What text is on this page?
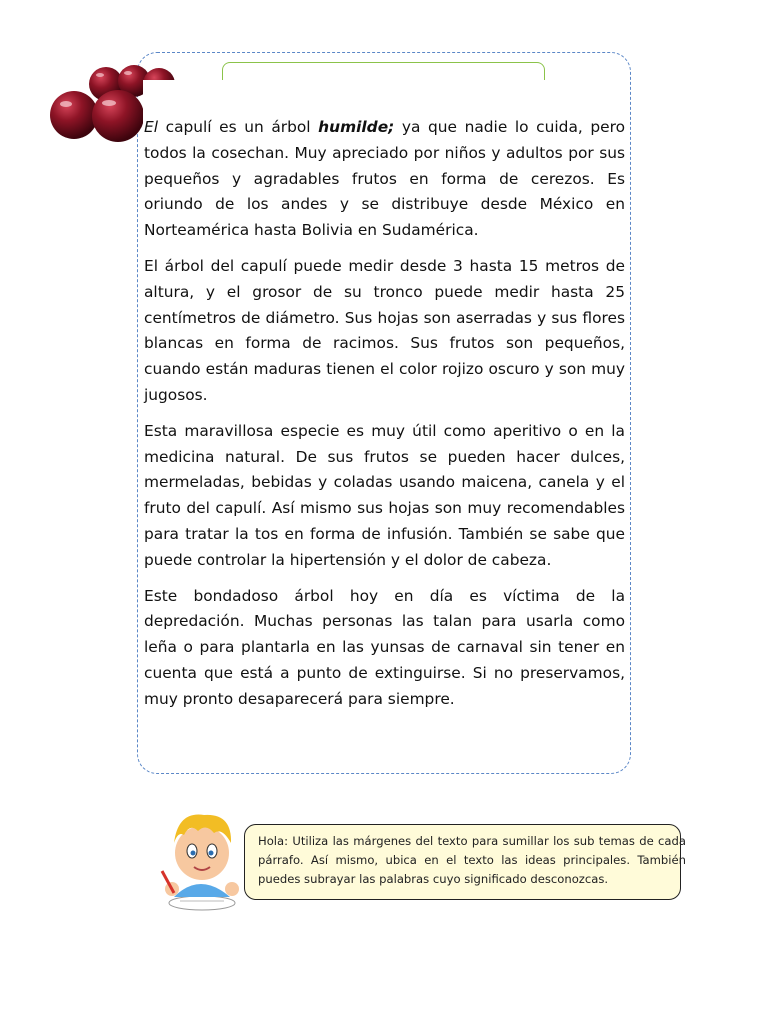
El capulí es un árbol humilde; ya que nadie lo cuida, pero todos la cosechan. Muy apreciado por niños y adultos por sus pequeños y agradables frutos en forma de cerezos. Es oriundo de los andes y se distribuye desde México en Norteamérica hasta Bolivia en Sudamérica.

El árbol del capulí puede medir desde 3 hasta 15 metros de altura, y el grosor de su tronco puede medir hasta 25 centímetros de diámetro. Sus hojas son aserradas y sus flores blancas en forma de racimos. Sus frutos son pequeños, cuando están maduras tienen el color rojizo oscuro y son muy jugosos.

Esta maravillosa especie es muy útil como aperitivo o en la medicina natural. De sus frutos se pueden hacer dulces, mermeladas, bebidas y coladas usando maicena, canela y el fruto del capulí. Así mismo sus hojas son muy recomendables para tratar la tos en forma de infusión. También se sabe que puede controlar la hipertensión y el dolor de cabeza.

Este bondadoso árbol hoy en día es víctima de la depredación. Muchas personas las talan para usarla como leña o para plantarla en las yunsas de carnaval sin tener en cuenta que está a punto de extinguirse. Si no preservamos, muy pronto desaparecerá para siempre.

Hola: Utiliza las márgenes del texto para sumillar los sub temas de cada párrafo. Así mismo, ubica en el texto las ideas principales. También puedes subrayar las palabras cuyo significado desconozcas.
